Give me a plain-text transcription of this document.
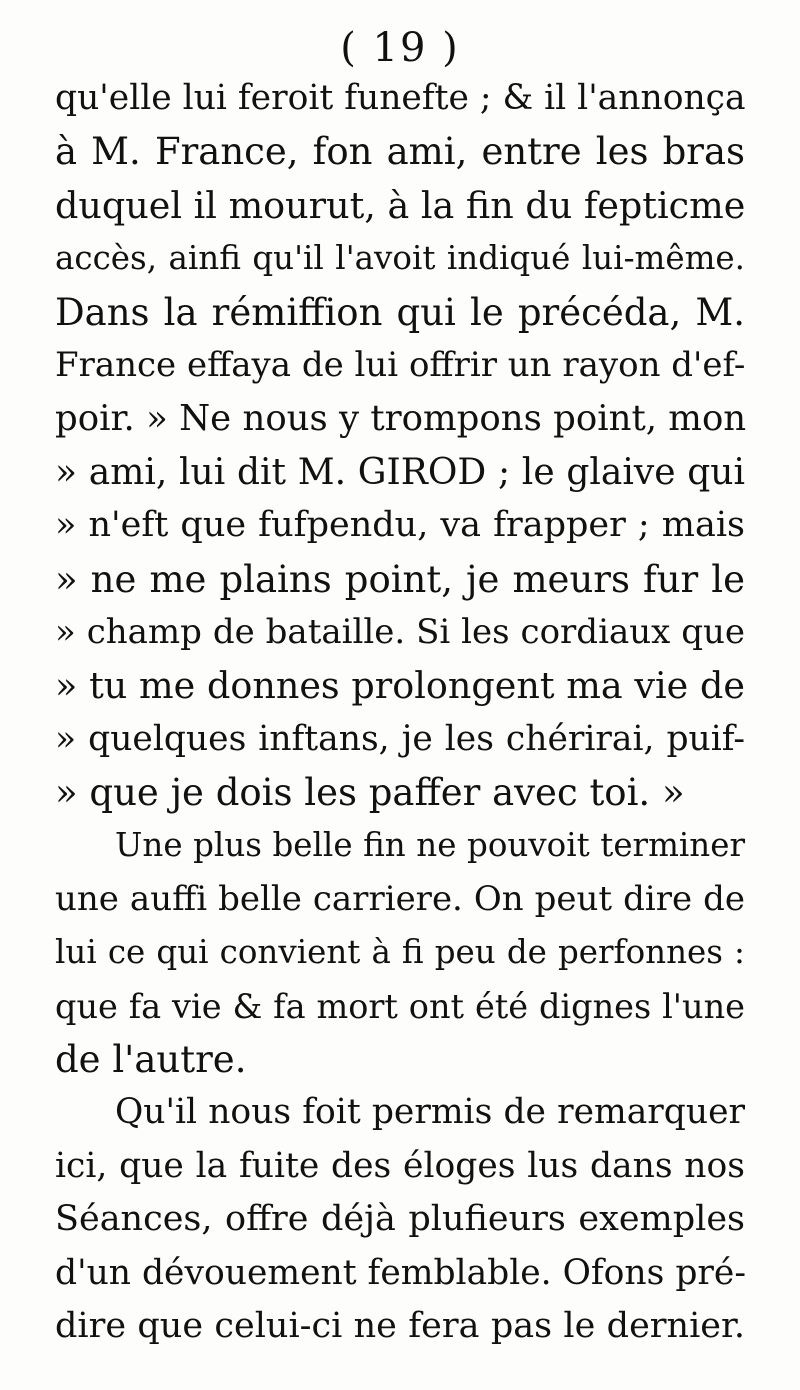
( 19 )
qu'elle lui feroit funefte ; & il l'annonça
à M. France, fon ami, entre les bras
duquel il mourut, à la fin du fepticme
accès, ainfi qu'il l'avoit indiqué lui-même.
Dans la rémiffion qui le précéda, M.
France effaya de lui offrir un rayon d'ef-
poir. » Ne nous y trompons point, mon
» ami, lui dit M. GIROD ; le glaive qui
» n'eft que fufpendu, va frapper ; mais
» ne me plains point, je meurs fur le
» champ de bataille. Si les cordiaux que
» tu me donnes prolongent ma vie de
» quelques inftans, je les chérirai, puif-
» que je dois les paffer avec toi. »
Une plus belle fin ne pouvoit terminer
une auffi belle carriere. On peut dire de
lui ce qui convient à fi peu de perfonnes :
que fa vie & fa mort ont été dignes l'une
de l'autre.
Qu'il nous foit permis de remarquer
ici, que la fuite des éloges lus dans nos
Séances, offre déjà plufieurs exemples
d'un dévouement femblable. Ofons pré-
dire que celui-ci ne fera pas le dernier.
